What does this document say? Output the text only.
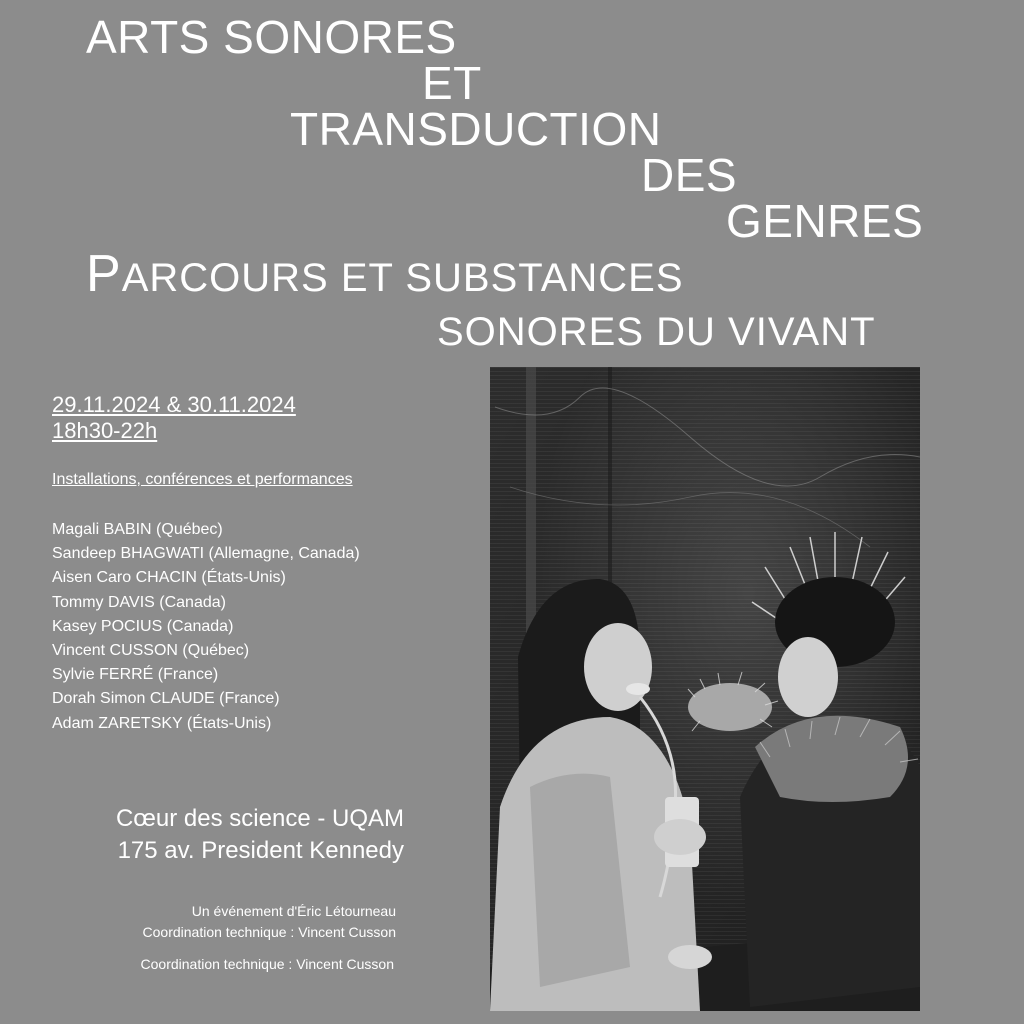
ARTS SONORES
ET
TRANSDUCTION
DES
GENRES
PARCOURS ET SUBSTANCES
SONORES DU VIVANT
29.11.2024 & 30.11.2024
18h30-22h
Installations, conférences et performances
Magali BABIN (Québec)
Sandeep BHAGWATI (Allemagne, Canada)
Aisen Caro CHACIN (États-Unis)
Tommy DAVIS (Canada)
Kasey POCIUS (Canada)
Vincent CUSSON (Québec)
Sylvie FERRÉ (France)
Dorah Simon CLAUDE (France)
Adam ZARETSKY (États-Unis)
Cœur des science - UQAM
175 av. President Kennedy
Un événement d'Éric Létourneau
Coordination technique : Vincent Cusson
Coordination technique : Vincent Cusson
